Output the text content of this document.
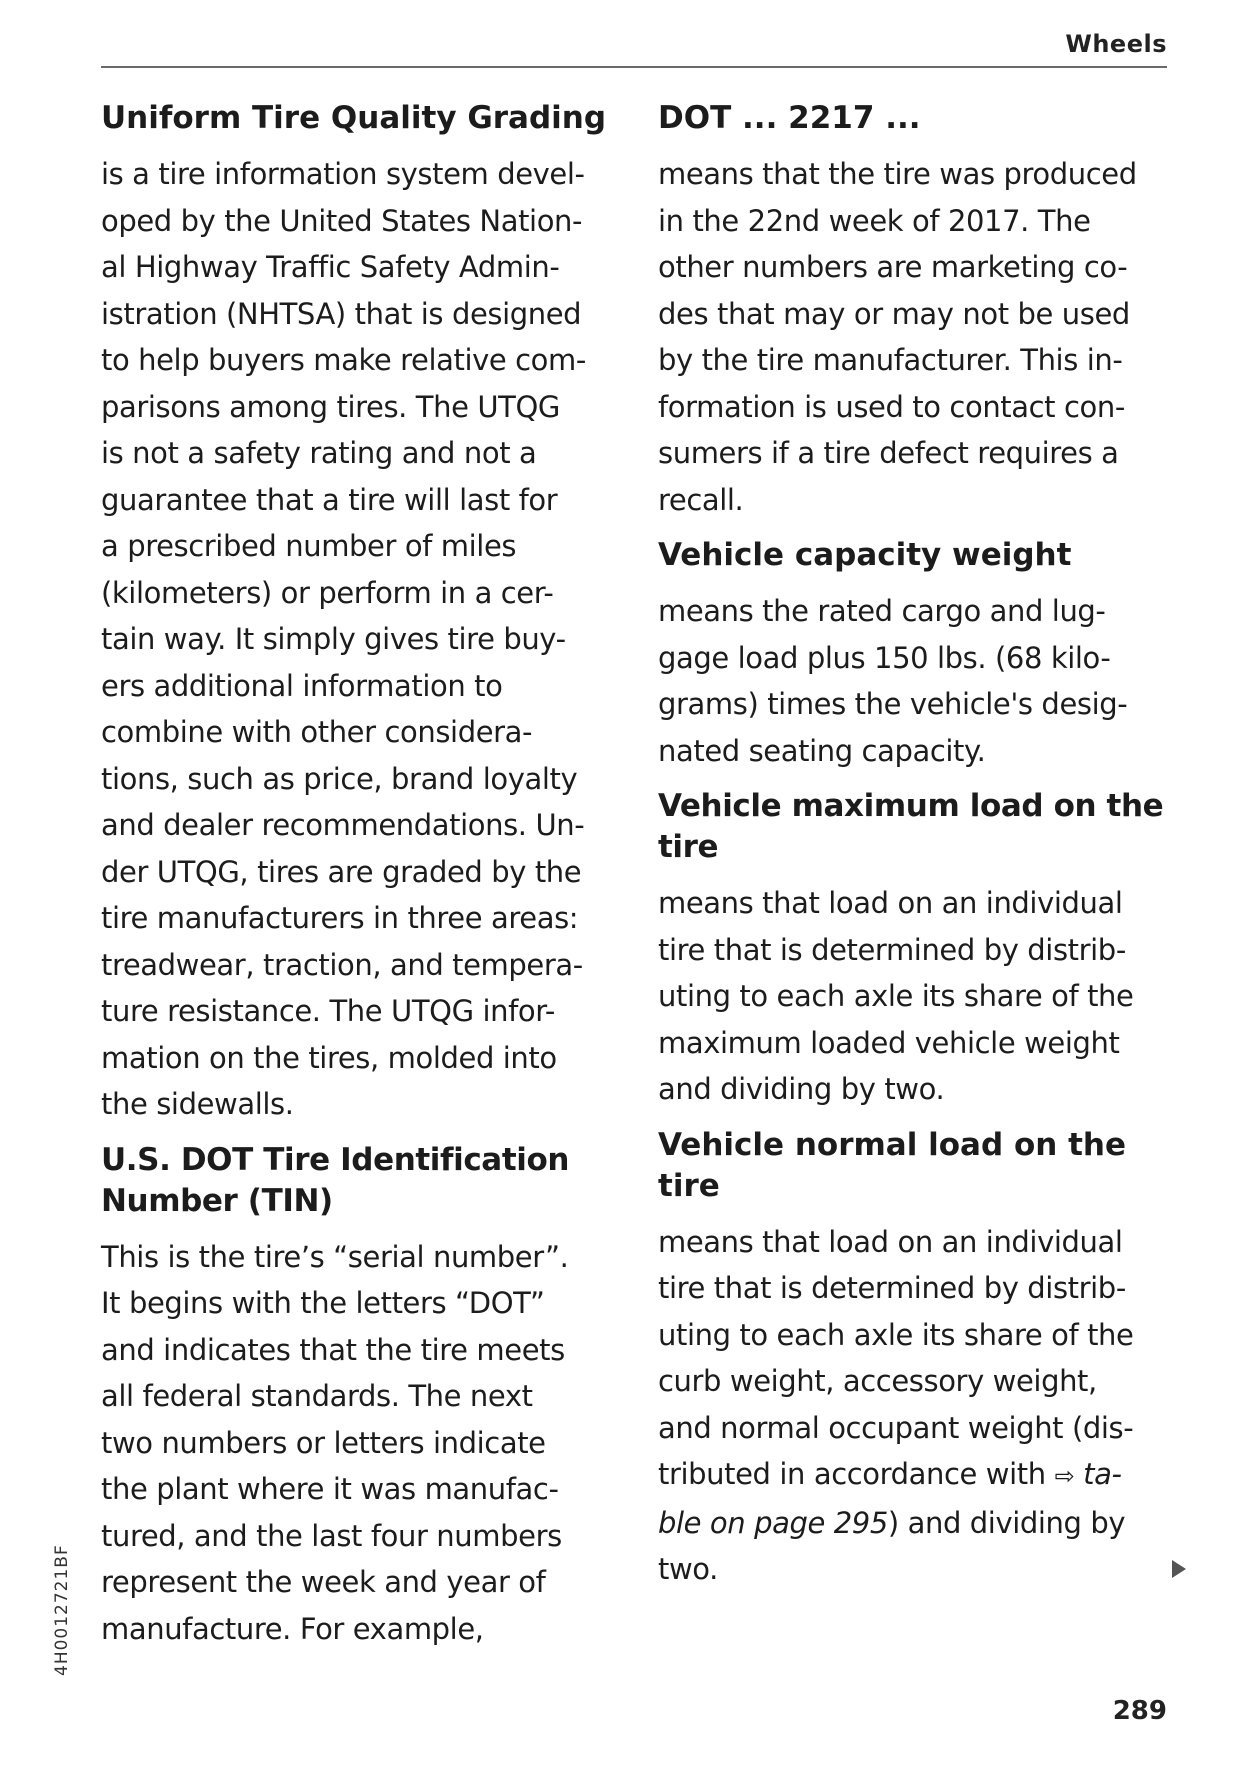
Wheels
Uniform Tire Quality Grading

is a tire information system devel-
oped by the United States Nation-
al Highway Traffic Safety Admin-
istration (NHTSA) that is designed
to help buyers make relative com-
parisons among tires. The UTQG
is not a safety rating and not a
guarantee that a tire will last for
a prescribed number of miles
(kilometers) or perform in a cer-
tain way. It simply gives tire buy-
ers additional information to
combine with other considera-
tions, such as price, brand loyalty
and dealer recommendations. Un-
der UTQG, tires are graded by the
tire manufacturers in three areas:
treadwear, traction, and tempera-
ture resistance. The UTQG infor-
mation on the tires, molded into
the sidewalls.

U.S. DOT Tire Identification
Number (TIN)

This is the tire’s “serial number”.
It begins with the letters “DOT”
and indicates that the tire meets
all federal standards. The next
two numbers or letters indicate
the plant where it was manufac-
tured, and the last four numbers
represent the week and year of
manufacture. For example,

DOT ... 2217 ...

means that the tire was produced
in the 22nd week of 2017. The
other numbers are marketing co-
des that may or may not be used
by the tire manufacturer. This in-
formation is used to contact con-
sumers if a tire defect requires a
recall.

Vehicle capacity weight

means the rated cargo and lug-
gage load plus 150 lbs. (68 kilo-
grams) times the vehicle's desig-
nated seating capacity.

Vehicle maximum load on the
tire

means that load on an individual
tire that is determined by distrib-
uting to each axle its share of the
maximum loaded vehicle weight
and dividing by two.

Vehicle normal load on the tire

means that load on an individual
tire that is determined by distrib-
uting to each axle its share of the
curb weight, accessory weight,
and normal occupant weight (dis-
tributed in accordance with ⇨ ta-
ble on page 295) and dividing by
two.

4H0012721BF
289
